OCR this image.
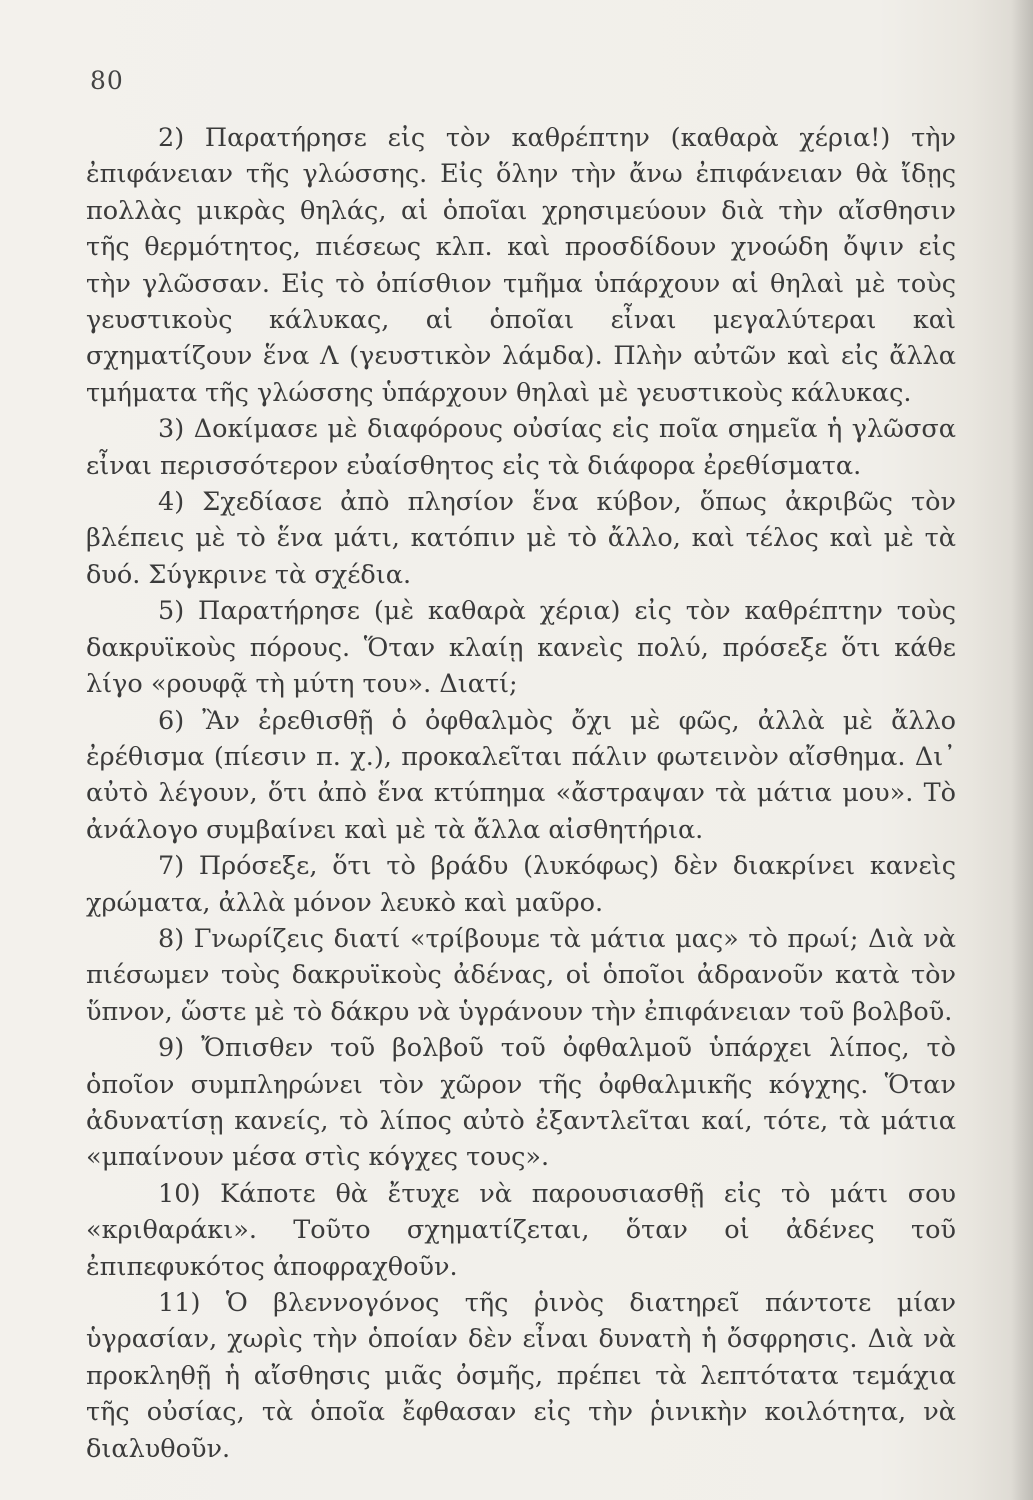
80

2) Παρατήρησε εἰς τὸν καθρέπτην (καθαρὰ χέρια!) τὴν ἐπιφάνειαν τῆς γλώσσης. Εἰς ὅλην τὴν ἄνω ἐπιφάνειαν θὰ ἴδῃς πολλὰς μικρὰς θηλάς, αἱ ὁποῖαι χρησιμεύουν διὰ τὴν αἴσθησιν τῆς θερμότητος, πιέσεως κλπ. καὶ προσδίδουν χνοώδη ὄψιν εἰς τὴν γλῶσσαν. Εἰς τὸ ὀπίσθιον τμῆμα ὑπάρχουν αἱ θηλαὶ μὲ τοὺς γευστικοὺς κάλυκας, αἱ ὁποῖαι εἶναι μεγαλύτεραι καὶ σχηματίζουν ἕνα Λ (γευστικὸν λάμδα). Πλὴν αὐτῶν καὶ εἰς ἄλλα τμήματα τῆς γλώσσης ὑπάρχουν θηλαὶ μὲ γευστικοὺς κάλυκας.

3) Δοκίμασε μὲ διαφόρους οὐσίας εἰς ποῖα σημεῖα ἡ γλῶσσα εἶναι περισσότερον εὐαίσθητος εἰς τὰ διάφορα ἐρεθίσματα.

4) Σχεδίασε ἀπὸ πλησίον ἕνα κύβον, ὅπως ἀκριβῶς τὸν βλέπεις μὲ τὸ ἕνα μάτι, κατόπιν μὲ τὸ ἄλλο, καὶ τέλος καὶ μὲ τὰ δυό. Σύγκρινε τὰ σχέδια.

5) Παρατήρησε (μὲ καθαρὰ χέρια) εἰς τὸν καθρέπτην τοὺς δακρυϊκοὺς πόρους. Ὅταν κλαίῃ κανεὶς πολύ, πρόσεξε ὅτι κάθε λίγο «ρουφᾷ τὴ μύτη του». Διατί;

6) Ἂν ἐρεθισθῇ ὁ ὀφθαλμὸς ὄχι μὲ φῶς, ἀλλὰ μὲ ἄλλο ἐρέθισμα (πίεσιν π. χ.), προκαλεῖται πάλιν φωτεινὸν αἴσθημα. Δι᾿ αὐτὸ λέγουν, ὅτι ἀπὸ ἕνα κτύπημα «ἄστραψαν τὰ μάτια μου». Τὸ ἀνάλογο συμβαίνει καὶ μὲ τὰ ἄλλα αἰσθητήρια.

7) Πρόσεξε, ὅτι τὸ βράδυ (λυκόφως) δὲν διακρίνει κανεὶς χρώματα, ἀλλὰ μόνον λευκὸ καὶ μαῦρο.

8) Γνωρίζεις διατί «τρίβουμε τὰ μάτια μας» τὸ πρωί; Διὰ νὰ πιέσωμεν τοὺς δακρυϊκοὺς ἀδένας, οἱ ὁποῖοι ἀδρανοῦν κατὰ τὸν ὕπνον, ὥστε μὲ τὸ δάκρυ νὰ ὑγράνουν τὴν ἐπιφάνειαν τοῦ βολβοῦ.

9) Ὄπισθεν τοῦ βολβοῦ τοῦ ὀφθαλμοῦ ὑπάρχει λίπος, τὸ ὁποῖον συμπληρώνει τὸν χῶρον τῆς ὀφθαλμικῆς κόγχης. Ὅταν ἀδυνατίσῃ κανείς, τὸ λίπος αὐτὸ ἐξαντλεῖται καί, τότε, τὰ μάτια «μπαίνουν μέσα στὶς κόγχες τους».

10) Κάποτε θὰ ἔτυχε νὰ παρουσιασθῇ εἰς τὸ μάτι σου «κριθαράκι». Τοῦτο σχηματίζεται, ὅταν οἱ ἀδένες τοῦ ἐπιπεφυκότος ἀποφραχθοῦν.

11) Ὁ βλεννογόνος τῆς ῥινὸς διατηρεῖ πάντοτε μίαν ὑγρασίαν, χωρὶς τὴν ὁποίαν δὲν εἶναι δυνατὴ ἡ ὄσφρησις. Διὰ νὰ προκληθῇ ἡ αἴσθησις μιᾶς ὀσμῆς, πρέπει τὰ λεπτότατα τεμάχια τῆς οὐσίας, τὰ ὁποῖα ἔφθασαν εἰς τὴν ῥινικὴν κοιλότητα, νὰ διαλυθοῦν.
